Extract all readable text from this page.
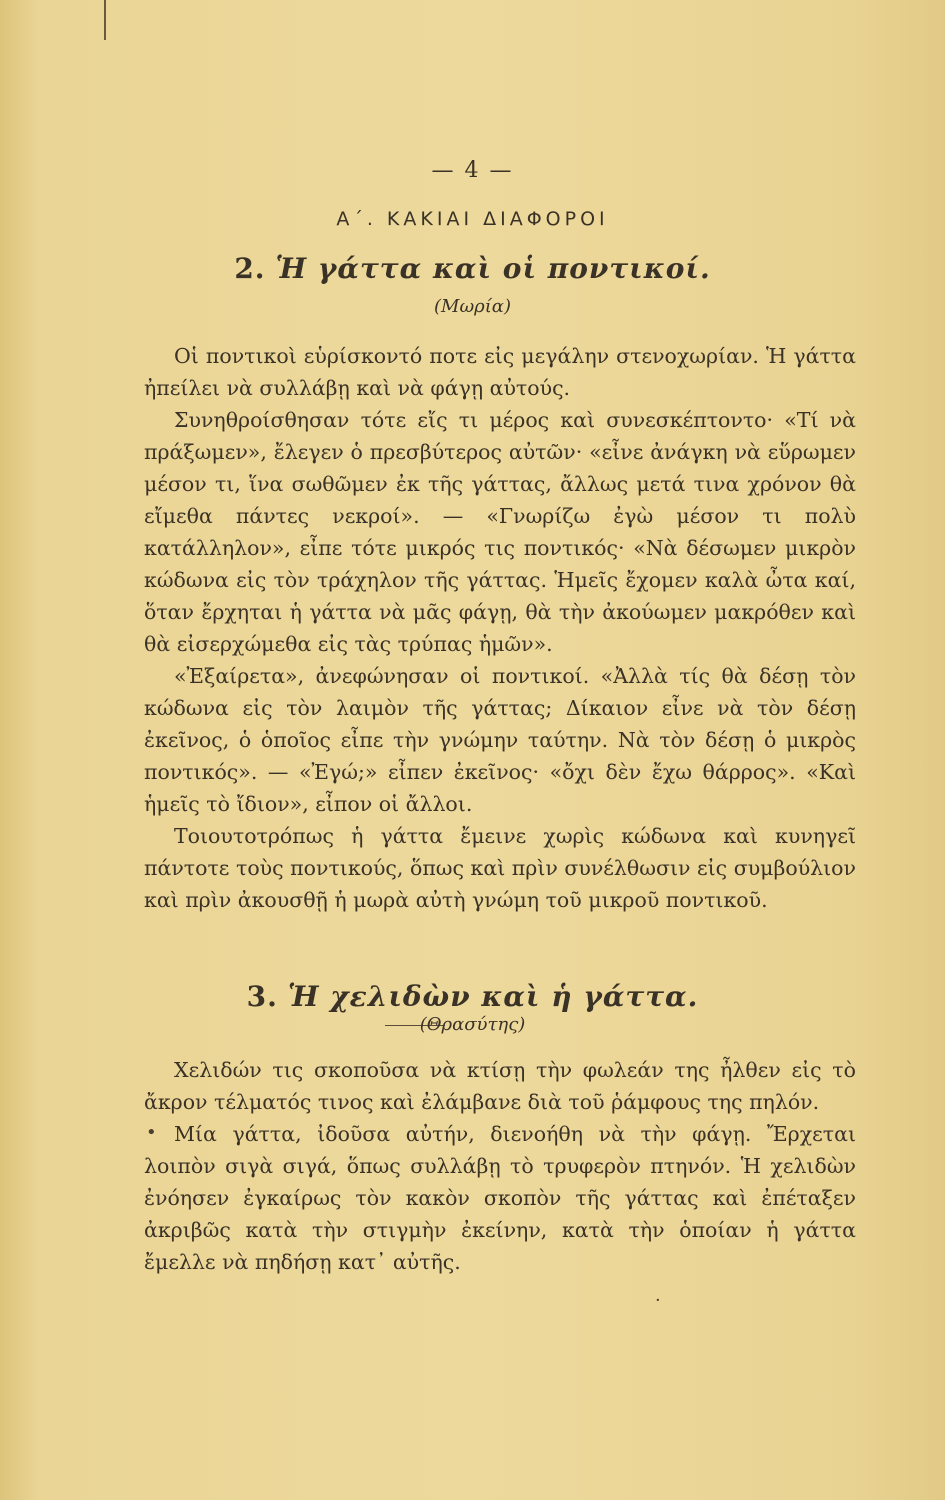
— 4 —
Α΄. ΚΑΚΙΑΙ ΔΙΑΦΟΡΟΙ
2. Ἡ γάττα καὶ οἱ ποντικοί.
(Μωρία)

Οἱ ποντικοὶ εὑρίσκοντό ποτε εἰς μεγάλην στενοχωρίαν. Ἡ γάττα ἠπείλει νὰ συλλάβῃ καὶ νὰ φάγῃ αὐτούς.

Συνηθροίσθησαν τότε εἴς τι μέρος καὶ συνεσκέπτοντο· «Τί νὰ πράξωμεν», ἔλεγεν ὁ πρεσβύτερος αὐτῶν· «εἶνε ἀνάγκη νὰ εὕρωμεν μέσον τι, ἵνα σωθῶμεν ἐκ τῆς γάττας, ἄλλως μετά τινα χρόνον θὰ εἴμεθα πάντες νεκροί». — «Γνωρίζω ἐγὼ μέσον τι πολὺ κατάλληλον», εἶπε τότε μικρός τις ποντικός· «Νὰ δέσωμεν μικρὸν κώδωνα εἰς τὸν τράχηλον τῆς γάττας. Ἡμεῖς ἔχομεν καλὰ ὦτα καί, ὅταν ἔρχηται ἡ γάττα νὰ μᾶς φάγῃ, θὰ τὴν ἀκούωμεν μακρόθεν καὶ θὰ εἰσερχώμεθα εἰς τὰς τρύπας ἡμῶν».

«Ἐξαίρετα», ἀνεφώνησαν οἱ ποντικοί. «Ἀλλὰ τίς θὰ δέσῃ τὸν κώδωνα εἰς τὸν λαιμὸν τῆς γάττας; Δίκαιον εἶνε νὰ τὸν δέσῃ ἐκεῖνος, ὁ ὁποῖος εἶπε τὴν γνώμην ταύτην. Νὰ τὸν δέσῃ ὁ μικρὸς ποντικός». — «Ἐγώ;» εἶπεν ἐκεῖνος· «ὄχι δὲν ἔχω θάρρος». «Καὶ ἡμεῖς τὸ ἴδιον», εἶπον οἱ ἄλλοι.

Τοιουτοτρόπως ἡ γάττα ἔμεινε χωρὶς κώδωνα καὶ κυνηγεῖ πάντοτε τοὺς ποντικούς, ὅπως καὶ πρὶν συνέλθωσιν εἰς συμβούλιον καὶ πρὶν ἀκουσθῇ ἡ μωρὰ αὐτὴ γνώμη τοῦ μικροῦ ποντικοῦ.

3. Ἡ χελιδὼν καὶ ἡ γάττα.
(Θρασύτης)

Χελιδών τις σκοποῦσα νὰ κτίσῃ τὴν φωλεάν της ἦλθεν εἰς τὸ ἄκρον τέλματός τινος καὶ ἐλάμβανε διὰ τοῦ ῥάμφους της πηλόν.

Μία γάττα, ἰδοῦσα αὐτήν, διενοήθη νὰ τὴν φάγῃ. Ἔρχεται λοιπὸν σιγὰ σιγά, ὅπως συλλάβῃ τὸ τρυφερὸν πτηνόν. Ἡ χελιδὼν ἐνόησεν ἐγκαίρως τὸν κακὸν σκοπὸν τῆς γάττας καὶ ἐπέταξεν ἀκριβῶς κατὰ τὴν στιγμὴν ἐκείνην, κατὰ τὴν ὁποίαν ἡ γάττα ἔμελλε νὰ πηδήσῃ κατ᾽ αὐτῆς.

•
·
